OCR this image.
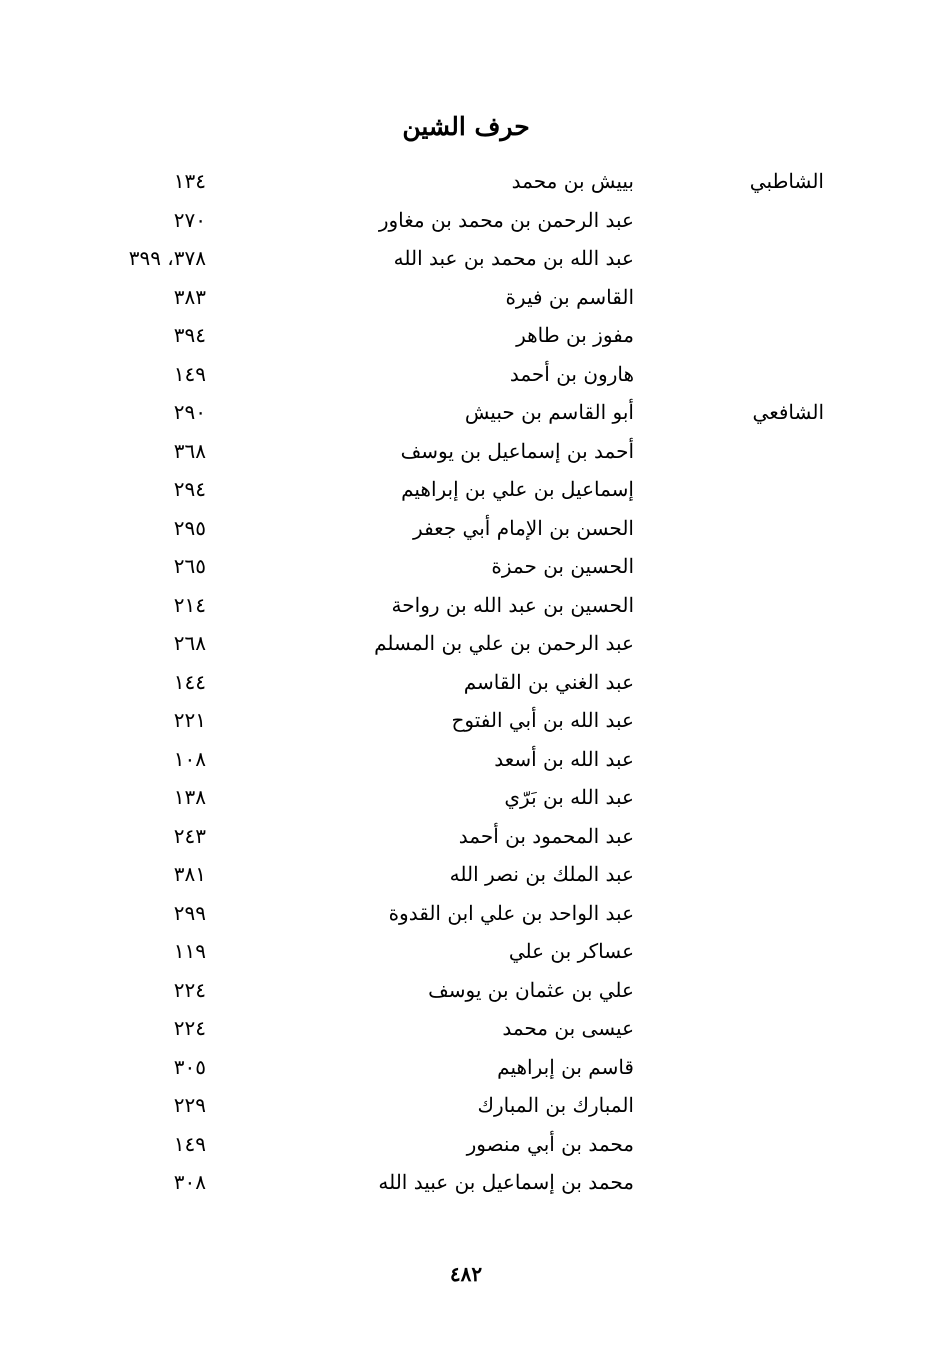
حرف الشين
الشاطبي
بييش بن محمد
١٣٤
عبد الرحمن بن محمد بن مغاور
٢٧٠
عبد الله بن محمد بن عبد الله
٣٧٨، ٣٩٩
القاسم بن فيرة
٣٨٣
مفوز بن طاهر
٣٩٤
هارون بن أحمد
١٤٩
الشافعي
أبو القاسم بن حبيش
٢٩٠
أحمد بن إسماعيل بن يوسف
٣٦٨
إسماعيل بن علي بن إبراهيم
٢٩٤
الحسن بن الإمام أبي جعفر
٢٩٥
الحسين بن حمزة
٢٦٥
الحسين بن عبد الله بن رواحة
٢١٤
عبد الرحمن بن علي بن المسلم
٢٦٨
عبد الغني بن القاسم
١٤٤
عبد الله بن أبي الفتوح
٢٢١
عبد الله بن أسعد
١٠٨
عبد الله بن بَرّي
١٣٨
عبد المحمود بن أحمد
٢٤٣
عبد الملك بن نصر الله
٣٨١
عبد الواحد بن علي ابن القدوة
٢٩٩
عساكر بن علي
١١٩
علي بن عثمان بن يوسف
٢٢٤
عيسى بن محمد
٢٢٤
قاسم بن إبراهيم
٣٠٥
المبارك بن المبارك
٢٢٩
محمد بن أبي منصور
١٤٩
محمد بن إسماعيل بن عبيد الله
٣٠٨
٤٨٢
